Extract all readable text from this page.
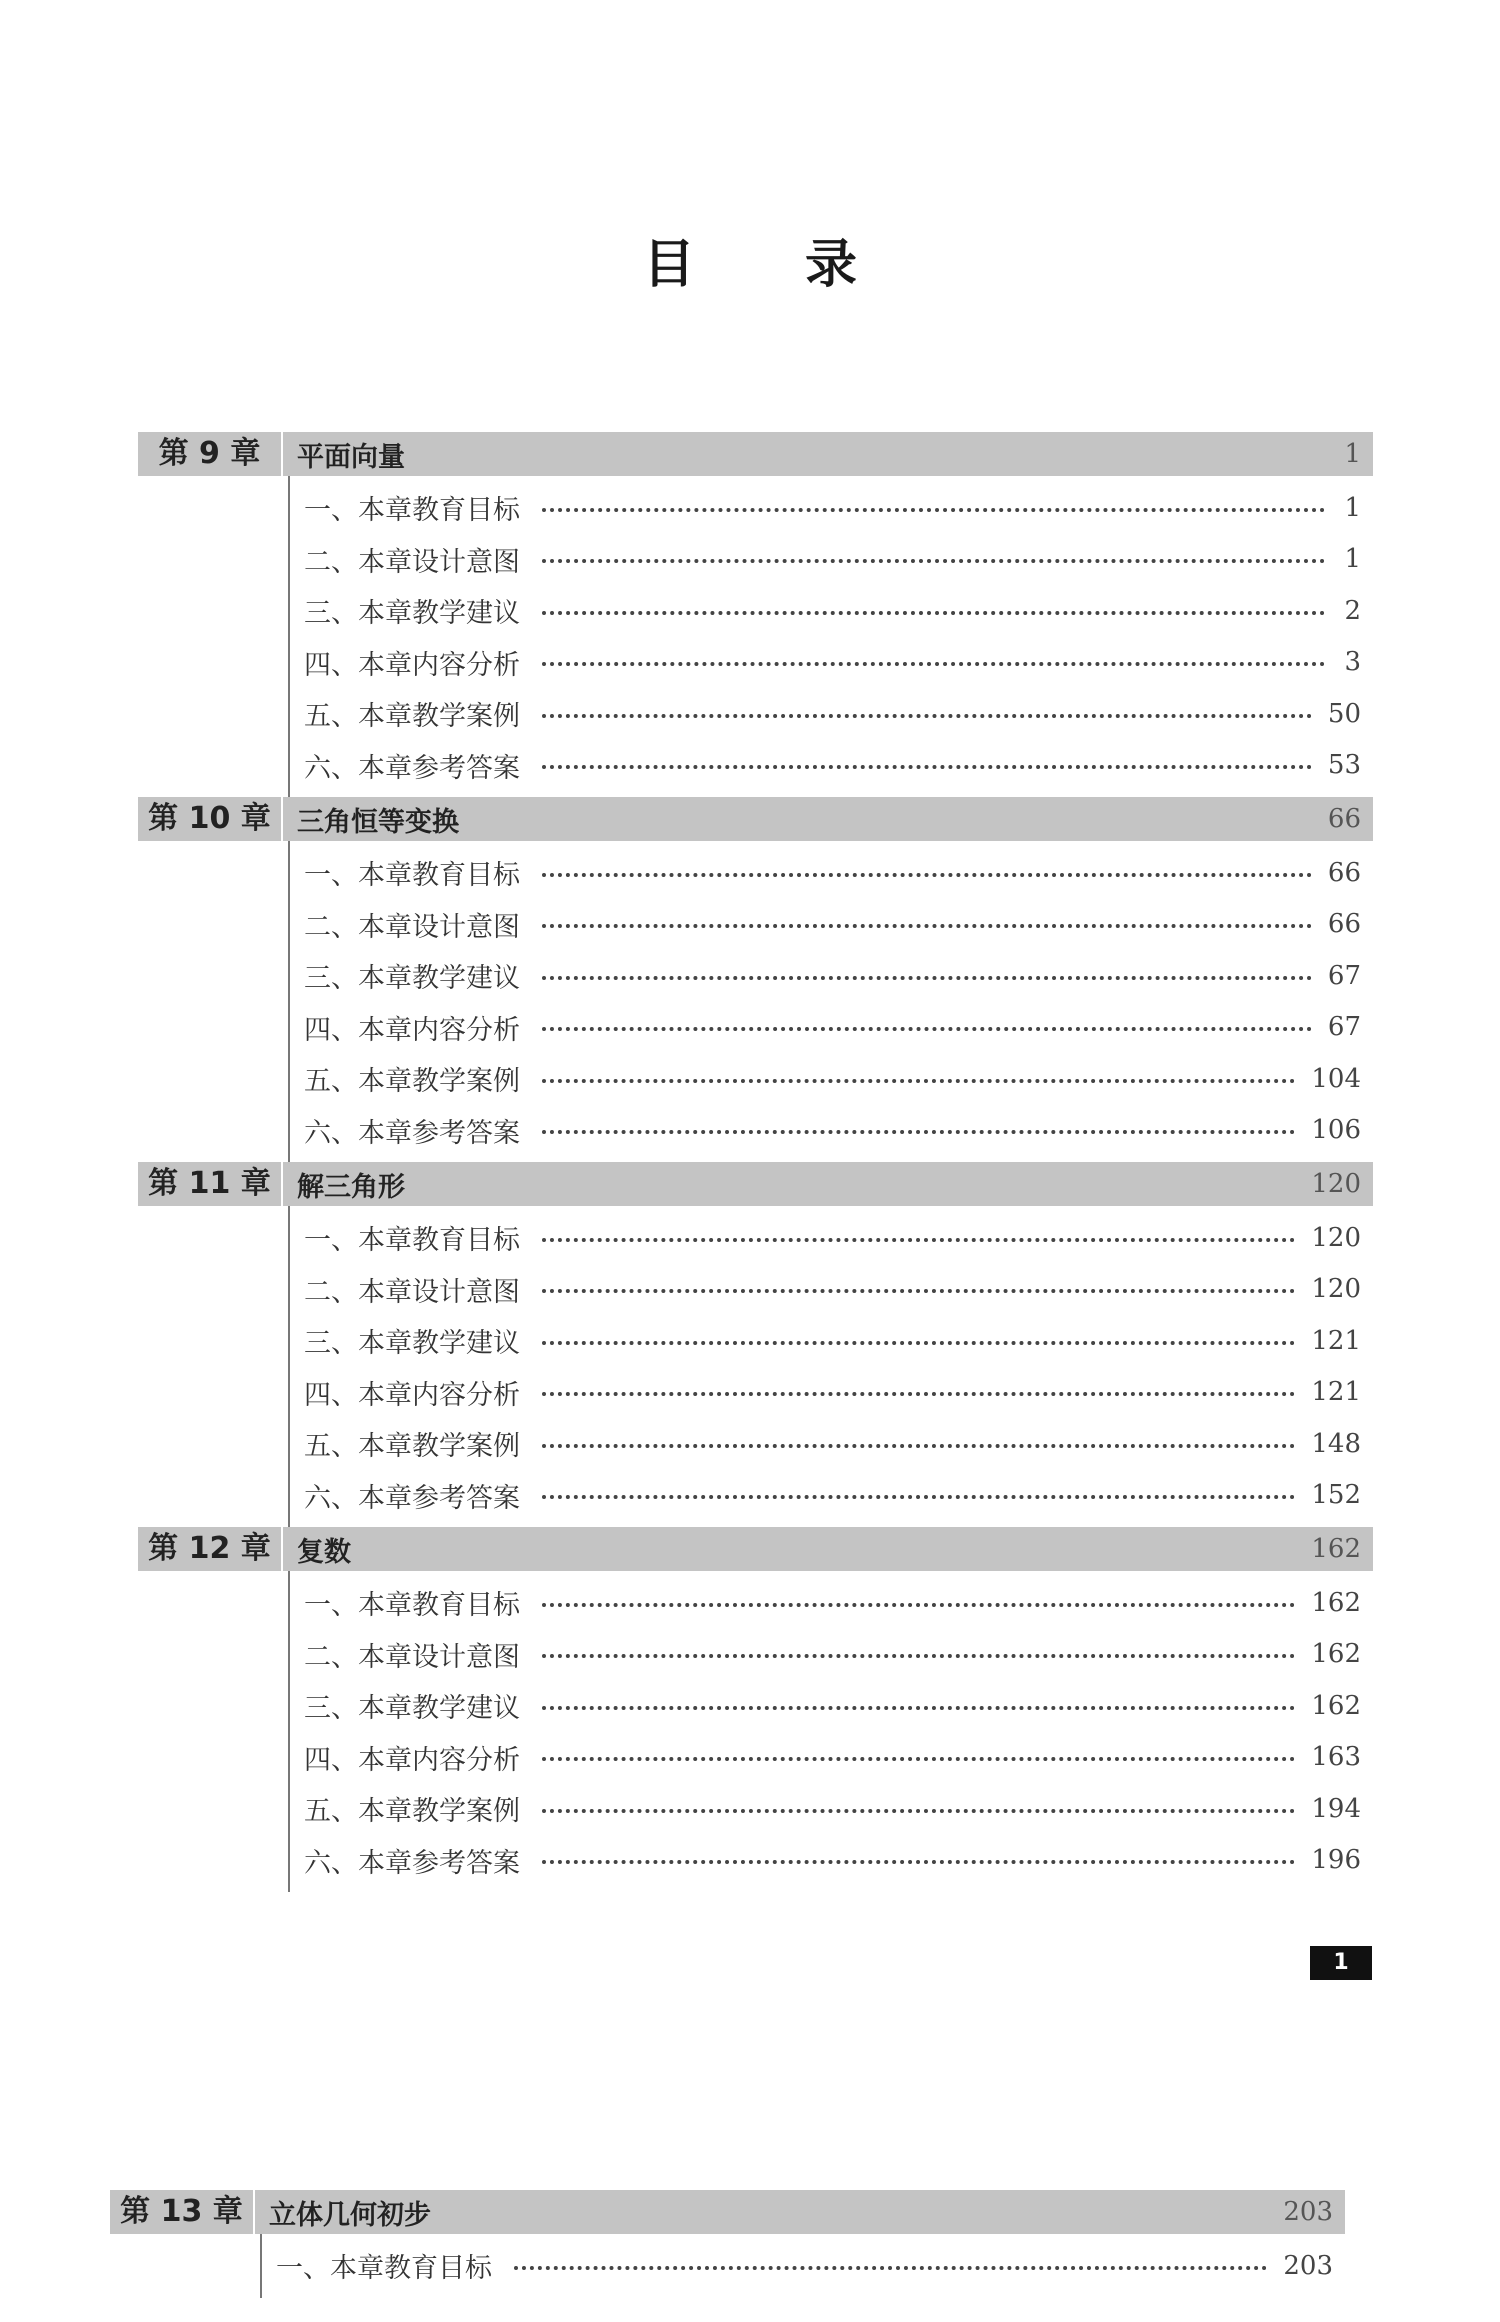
目 录
第 9 章	平面向量	1
一、本章教育目标	1
二、本章设计意图	1
三、本章教学建议	2
四、本章内容分析	3
五、本章教学案例	50
六、本章参考答案	53
第 10 章 三角恒等变换	66
一、本章教育目标	66
二、本章设计意图	66
三、本章教学建议	67
四、本章内容分析	67
五、本章教学案例	104
六、本章参考答案	106
第 11 章 解三角形	120
一、本章教育目标	120
二、本章设计意图	120
三、本章教学建议	121
四、本章内容分析	121
五、本章教学案例	148
六、本章参考答案	152
第 12 章 复数	162
一、本章教育目标	162
二、本章设计意图	162
三、本章教学建议	162
四、本章内容分析	163
五、本章教学案例	194
六、本章参考答案	196
1
第 13 章 立体几何初步	203
一、本章教育目标	203
